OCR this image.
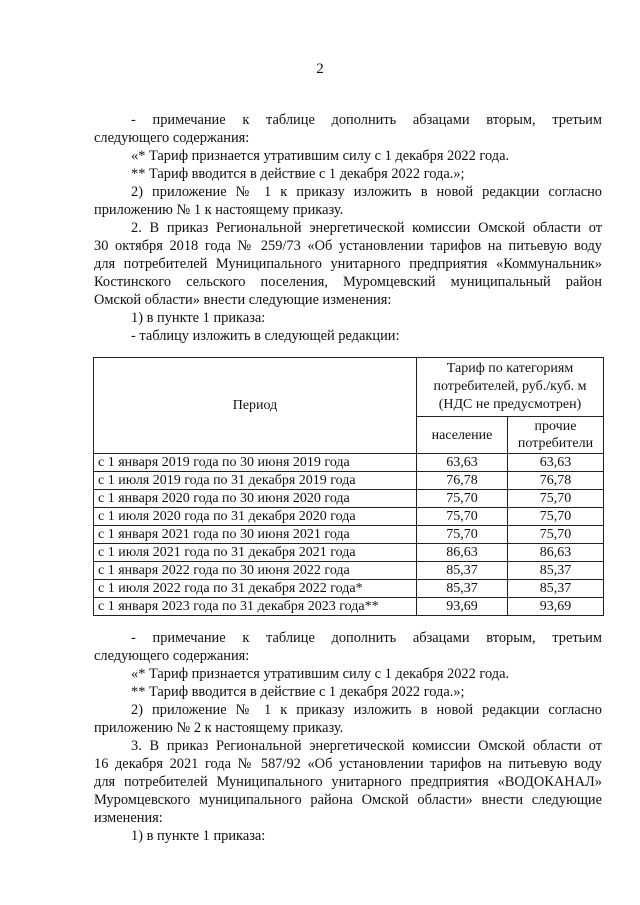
2
- примечание к таблице дополнить абзацами вторым, третьим
следующего содержания:
«* Тариф признается утратившим силу с 1 декабря 2022 года.
** Тариф вводится в действие с 1 декабря 2022 года.»;
2) приложение № 1 к приказу изложить в новой редакции согласно
приложению № 1 к настоящему приказу.
2. В приказ Региональной энергетической комиссии Омской области от
30 октября 2018 года № 259/73 «Об установлении тарифов на питьевую воду
для потребителей Муниципального унитарного предприятия «Коммунальник»
Костинского сельского поселения, Муромцевский муниципальный район
Омской области» внести следующие изменения:
1) в пункте 1 приказа:
- таблицу изложить в следующей редакции:
Период	Тариф по категориям
потребителей, руб./куб. м
(НДС не предусмотрен)	

	население	прочие
потребители

с 1 января 2019 года по 30 июня 2019 года	63,63	63,63
с 1 июля 2019 года по 31 декабря 2019 года	76,78	76,78
с 1 января 2020 года по 30 июня 2020 года	75,70	75,70
с 1 июля 2020 года по 31 декабря 2020 года	75,70	75,70
с 1 января 2021 года по 30 июня 2021 года	75,70	75,70
с 1 июля 2021 года по 31 декабря 2021 года	86,63	86,63
с 1 января 2022 года по 30 июня 2022 года	85,37	85,37
с 1 июля 2022 года по 31 декабря 2022 года*	85,37	85,37
с 1 января 2023 года по 31 декабря 2023 года**	93,69	93,69
- примечание к таблице дополнить абзацами вторым, третьим
следующего содержания:
«* Тариф признается утратившим силу с 1 декабря 2022 года.
** Тариф вводится в действие с 1 декабря 2022 года.»;
2) приложение № 1 к приказу изложить в новой редакции согласно
приложению № 2 к настоящему приказу.
3. В приказ Региональной энергетической комиссии Омской области от
16 декабря 2021 года № 587/92 «Об установлении тарифов на питьевую воду
для потребителей Муниципального унитарного предприятия «ВОДОКАНАЛ»
Муромцевского муниципального района Омской области» внести следующие
изменения:
1) в пункте 1 приказа:
